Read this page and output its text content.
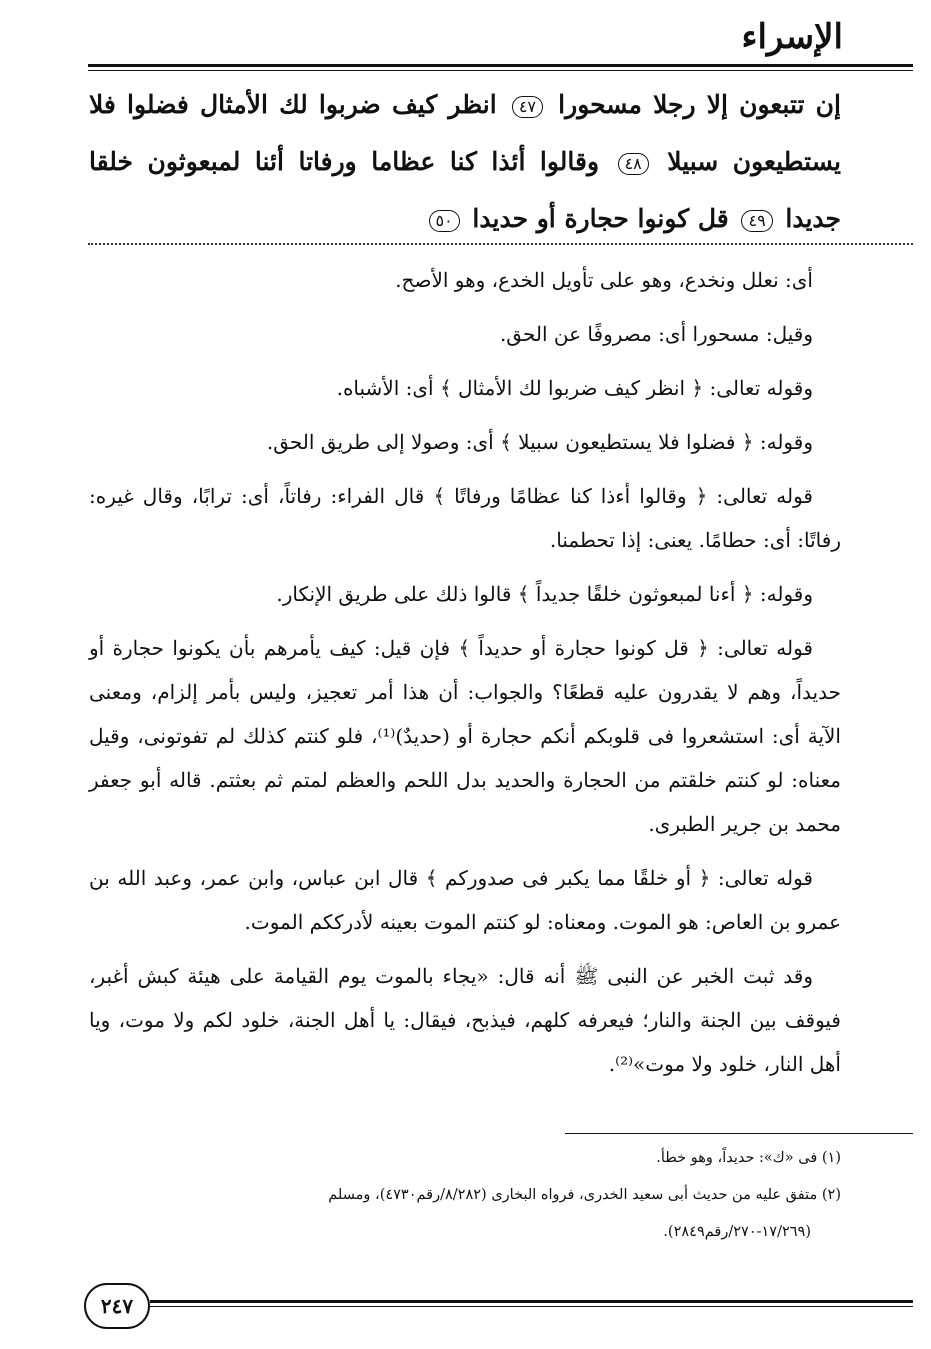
الإسراء
إن تتبعون إلا رجلا مسحورا ٤٧ انظر كيف ضربوا لك الأمثال فضلوا فلا يستطيعون سبيلا ٤٨ وقالوا أئذا كنا عظاما ورفاتا أئنا لمبعوثون خلقا جديدا ٤٩ قل كونوا حجارة أو حديدا ٥٠

أى: نعلل ونخدع، وهو على تأويل الخدع، وهو الأصح.

وقيل: مسحورا أى: مصروفًا عن الحق.

وقوله تعالى: ﴿ انظر كيف ضربوا لك الأمثال ﴾ أى: الأشباه.

وقوله: ﴿ فضلوا فلا يستطيعون سبيلا ﴾ أى: وصولا إلى طريق الحق.

قوله تعالى: ﴿ وقالوا أءذا كنا عظامًا ورفاتًا ﴾ قال الفراء: رفاتاً، أى: ترابًا، وقال غيره: رفاتًا: أى: حطامًا. يعنى: إذا تحطمنا.

وقوله: ﴿ أءنا لمبعوثون خلقًا جديداً ﴾ قالوا ذلك على طريق الإنكار.

قوله تعالى: ﴿ قل كونوا حجارة أو حديداً ﴾ فإن قيل: كيف يأمرهم بأن يكونوا حجارة أو حديداً، وهم لا يقدرون عليه قطعًا؟ والجواب: أن هذا أمر تعجيز، وليس بأمر إلزام، ومعنى الآية أى: استشعروا فى قلوبكم أنكم حجارة أو (حديدٌ)⁽¹⁾، فلو كنتم كذلك لم تفوتونى، وقيل معناه: لو كنتم خلقتم من الحجارة والحديد بدل اللحم والعظم لمتم ثم بعثتم. قاله أبو جعفر محمد بن جرير الطبرى.

قوله تعالى: ﴿ أو خلقًا مما يكبر فى صدوركم ﴾ قال ابن عباس، وابن عمر، وعبد الله بن عمرو بن العاص: هو الموت. ومعناه: لو كنتم الموت بعينه لأدرككم الموت.

وقد ثبت الخبر عن النبى ﷺ أنه قال: «يجاء بالموت يوم القيامة على هيئة كبش أغبر، فيوقف بين الجنة والنار؛ فيعرفه كلهم، فيذبح، فيقال: يا أهل الجنة، خلود لكم ولا موت، ويا أهل النار، خلود ولا موت»⁽²⁾.

(١) فى «ك»: حديداً، وهو خطأ.

(٢) متفق عليه من حديث أبى سعيد الخدرى، فرواه البخارى (٨/٢٨٢/رقم٤٧٣٠)، ومسلم

(١٧/٢٦٩-٢٧٠/رقم٢٨٤٩).

٢٤٧
